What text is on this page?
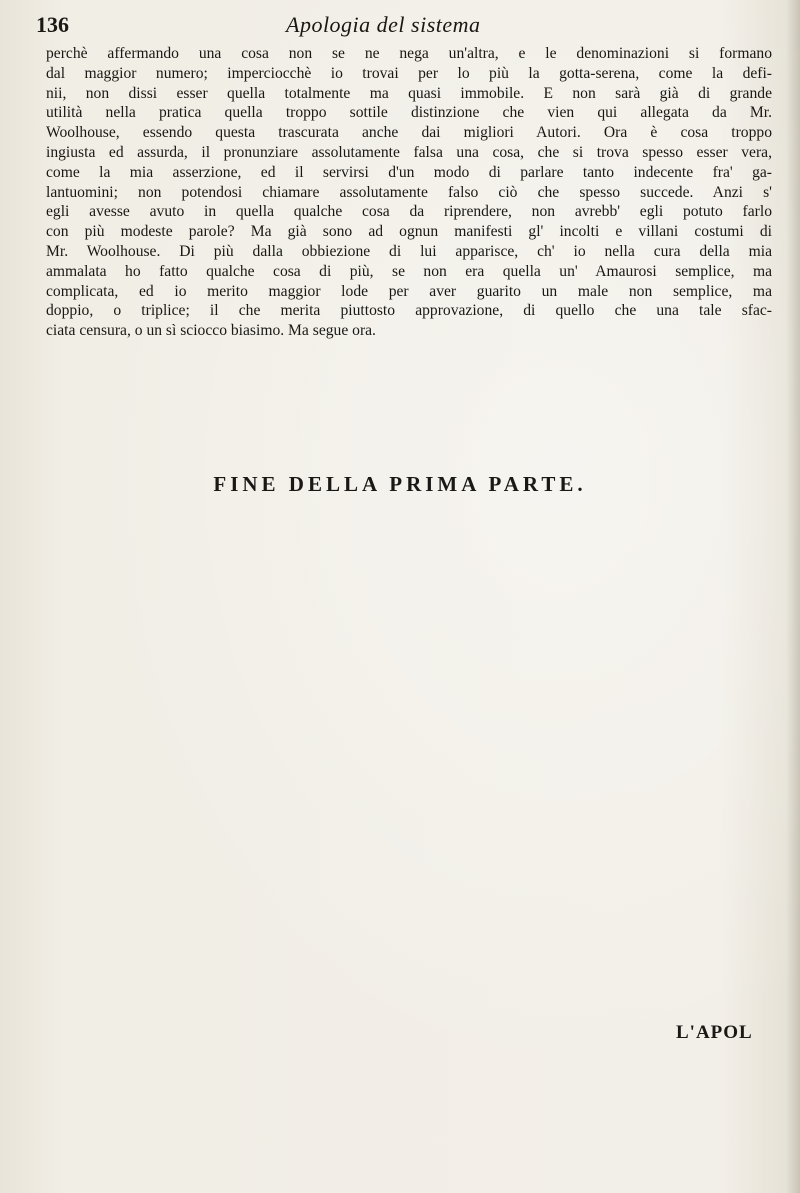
136	Apologia del sistema
perchè affermando una cosa non se ne nega un'altra, e le denominazioni si formano
dal maggior numero; imperciocchè io trovai per lo più la gotta-serena, come la defi-
nii, non dissi esser quella totalmente ma quasi immobile. E non sarà già di grande
utilità nella pratica quella troppo sottile distinzione che vien qui allegata da Mr.
Woolhouse, essendo questa trascurata anche dai migliori Autori. Ora è cosa troppo
ingiusta ed assurda, il pronunziare assolutamente falsa una cosa, che si trova spesso esser vera,
come la mia asserzione, ed il servirsi d'un modo di parlare tanto indecente fra' ga-
lantuomini; non potendosi chiamare assolutamente falso ciò che spesso succede. Anzi s'
egli avesse avuto in quella qualche cosa da riprendere, non avrebb' egli potuto farlo
con più modeste parole? Ma già sono ad ognun manifesti gl' incolti e villani costumi di
Mr. Woolhouse. Di più dalla obbiezione di lui apparisce, ch' io nella cura della mia
ammalata ho fatto qualche cosa di più, se non era quella un' Amaurosi semplice, ma
complicata, ed io merito maggior lode per aver guarito un male non semplice, ma
doppio, o triplice; il che merita piuttosto approvazione, di quello che una tale sfac-
ciata censura, o un sì sciocco biasimo. Ma segue ora.
FINE DELLA PRIMA PARTE.
L'APOL
